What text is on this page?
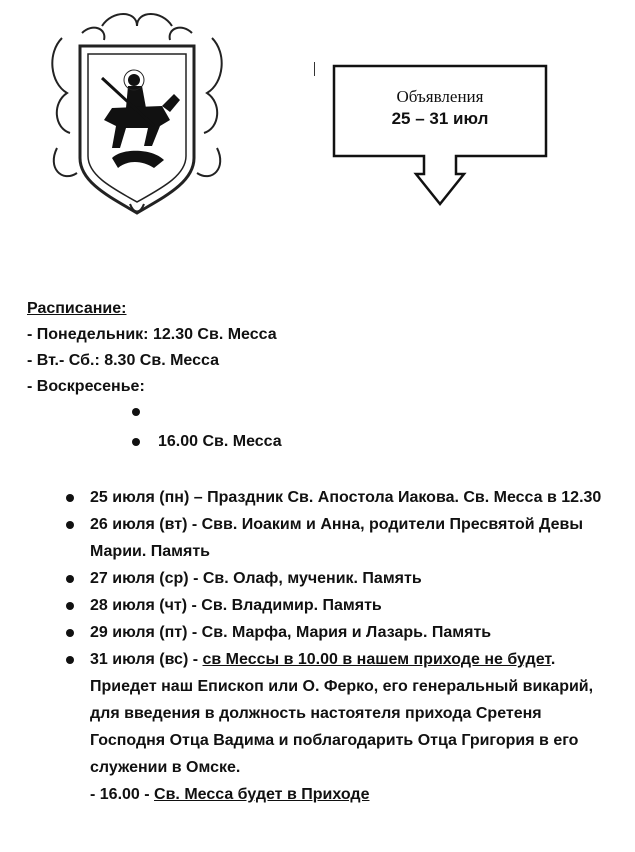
Объявления
25 – 31 июл
Расписание:
- Понедельник: 12.30 Св. Месса
- Вт.- Сб.: 8.30 Св. Месса
- Воскресенье:
16.00 Св. Месса
25 июля (пн) – Праздник Св. Апостола Иакова. Св. Месса в 12.30
26 июля (вт) - Свв. Иоаким и Анна, родители Пресвятой Девы Марии. Память
27 июля (ср) - Св. Олаф, мученик. Память
28 июля (чт) - Св. Владимир. Память
29 июля (пт) - Св. Марфа, Мария и Лазарь. Память
31 июля (вс) - св Мессы в 10.00 в нашем приходе не будет. Приедет наш Епископ или О. Ферко, его генеральный викарий, для введения в должность настоятеля прихода Сретеня Господня Отца Вадима и поблагодарить Отца Григория в его служении в Омске.
- 16.00 - Св. Месса будет в Приходе
